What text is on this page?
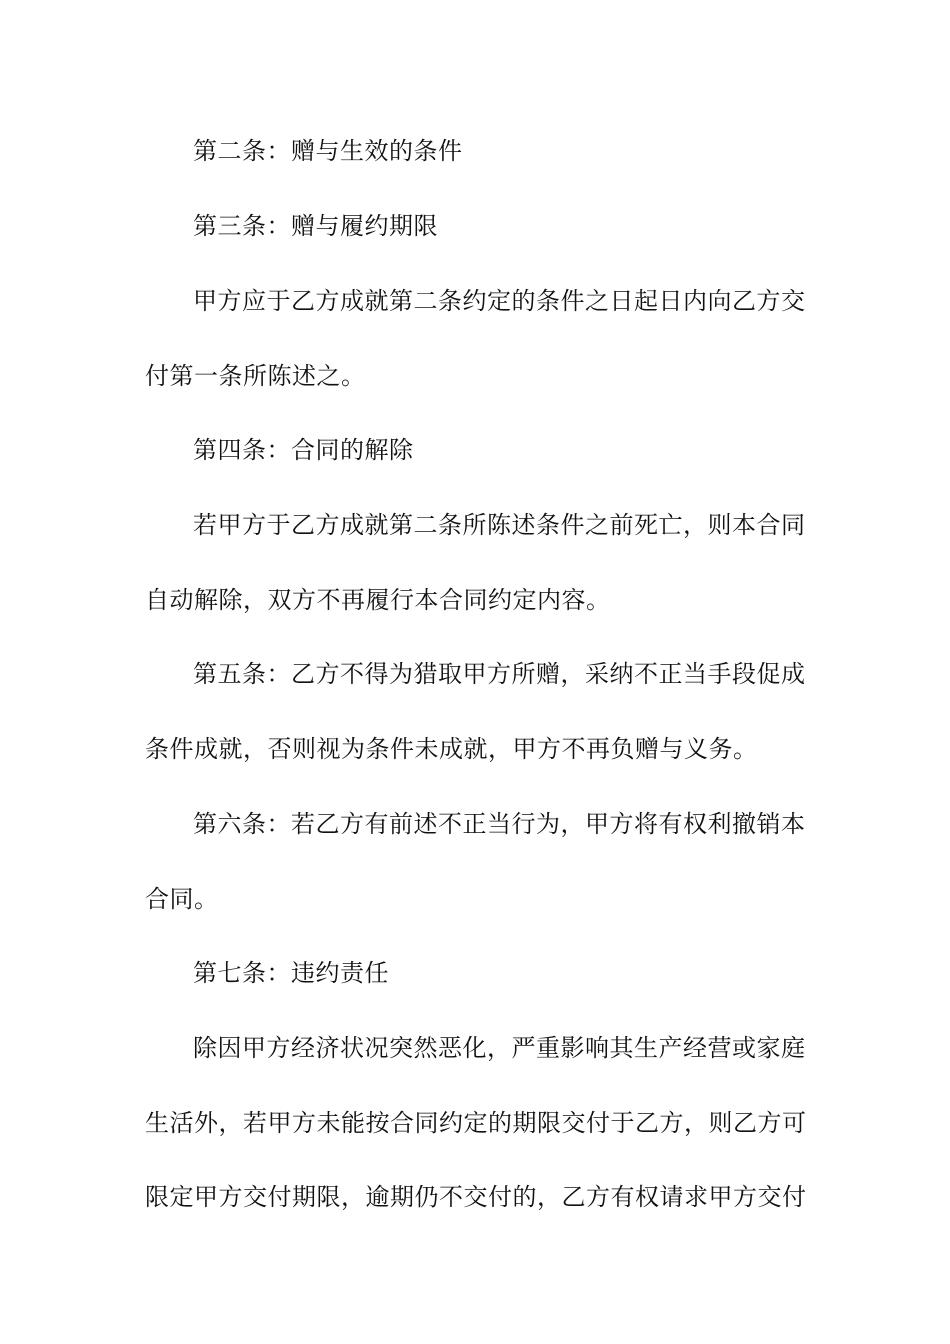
第二条：赠与生效的条件
第三条：赠与履约期限
甲方应于乙方成就第二条约定的条件之日起日内向乙方交
付第一条所陈述之。
第四条：合同的解除
若甲方于乙方成就第二条所陈述条件之前死亡，则本合同
自动解除，双方不再履行本合同约定内容。
第五条：乙方不得为猎取甲方所赠，采纳不正当手段促成
条件成就，否则视为条件未成就，甲方不再负赠与义务。
第六条：若乙方有前述不正当行为，甲方将有权利撤销本
合同。
第七条：违约责任
除因甲方经济状况突然恶化，严重影响其生产经营或家庭
生活外，若甲方未能按合同约定的期限交付于乙方，则乙方可
限定甲方交付期限，逾期仍不交付的，乙方有权请求甲方交付
